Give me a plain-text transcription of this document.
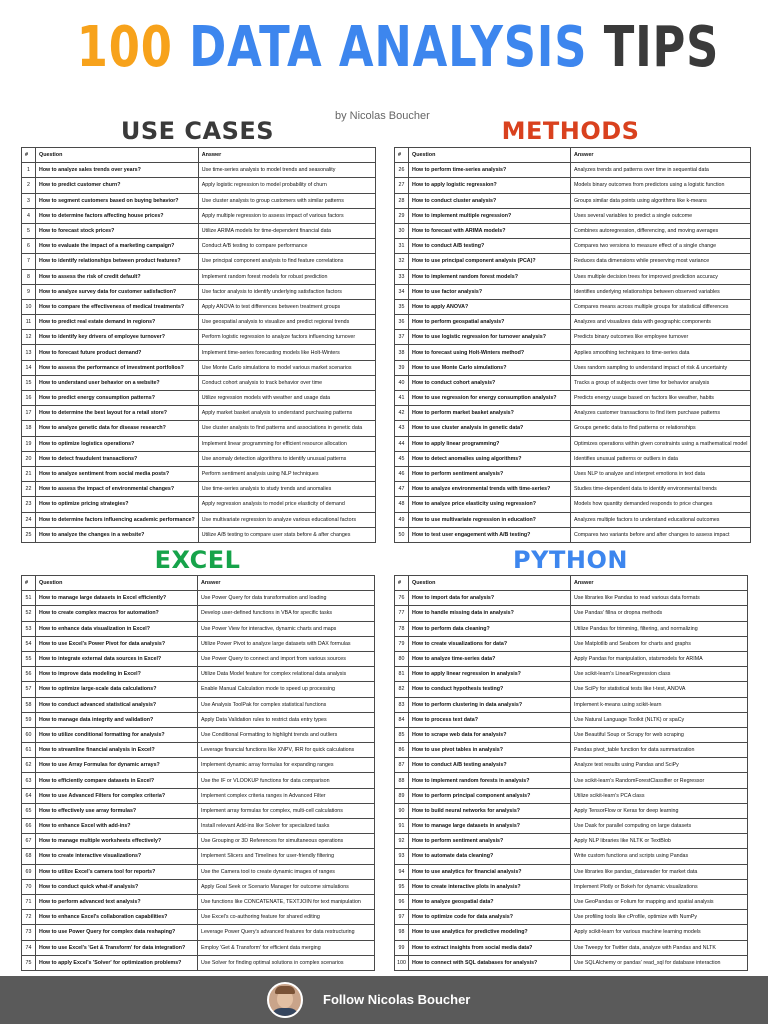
100 DATA ANALYSIS TIPS
by Nicolas Boucher
USE CASES	METHODS
EXCEL	PYTHON
#	Question	Answer
1	How to analyze sales trends over years?	Use time-series analysis to model trends and seasonality
2	How to predict customer churn?	Apply logistic regression to model probability of churn
3	How to segment customers based on buying behavior?	Use cluster analysis to group customers with similar patterns
4	How to determine factors affecting house prices?	Apply multiple regression to assess impact of various factors
5	How to forecast stock prices?	Utilize ARIMA models for time-dependent financial data
6	How to evaluate the impact of a marketing campaign?	Conduct A/B testing to compare performance
7	How to identify relationships between product features?	Use principal component analysis to find feature correlations
8	How to assess the risk of credit default?	Implement random forest models for robust prediction
9	How to analyze survey data for customer satisfaction?	Use factor analysis to identify underlying satisfaction factors
10	How to compare the effectiveness of medical treatments?	Apply ANOVA to test differences between treatment groups
11	How to predict real estate demand in regions?	Use geospatial analysis to visualize and predict regional trends
12	How to identify key drivers of employee turnover?	Perform logistic regression to analyze factors influencing turnover
13	How to forecast future product demand?	Implement time-series forecasting models like Holt-Winters
14	How to assess the performance of investment portfolios?	Use Monte Carlo simulations to model various market scenarios
15	How to understand user behavior on a website?	Conduct cohort analysis to track behavior over time
16	How to predict energy consumption patterns?	Utilize regression models with weather and usage data
17	How to determine the best layout for a retail store?	Apply market basket analysis to understand purchasing patterns
18	How to analyze genetic data for disease research?	Use cluster analysis to find patterns and associations in genetic data
19	How to optimize logistics operations?	Implement linear programming for efficient resource allocation
20	How to detect fraudulent transactions?	Use anomaly detection algorithms to identify unusual patterns
21	How to analyze sentiment from social media posts?	Perform sentiment analysis using NLP techniques
22	How to assess the impact of environmental changes?	Use time-series analysis to study trends and anomalies
23	How to optimize pricing strategies?	Apply regression analysis to model price elasticity of demand
24	How to determine factors influencing academic performance?	Use multivariate regression to analyze various educational factors
25	How to analyze the changes in a website?	Utilize A/B testing to compare user stats before & after changes
#	Question	Answer
26	How to perform time-series analysis?	Analyzes trends and patterns over time in sequential data
27	How to apply logistic regression?	Models binary outcomes from predictors using a logistic function
28	How to conduct cluster analysis?	Groups similar data points using algorithms like k-means
29	How to implement multiple regression?	Uses several variables to predict a single outcome
30	How to forecast with ARIMA models?	Combines autoregression, differencing, and moving averages
31	How to conduct A/B testing?	Compares two versions to measure effect of a single change
32	How to use principal component analysis (PCA)?	Reduces data dimensions while preserving most variance
33	How to implement random forest models?	Uses multiple decision trees for improved prediction accuracy
34	How to use factor analysis?	Identifies underlying relationships between observed variables
35	How to apply ANOVA?	Compares means across multiple groups for statistical differences
36	How to perform geospatial analysis?	Analyzes and visualizes data with geographic components
37	How to use logistic regression for turnover analysis?	Predicts binary outcomes like employee turnover
38	How to forecast using Holt-Winters method?	Applies smoothing techniques to time-series data
39	How to use Monte Carlo simulations?	Uses random sampling to understand impact of risk & uncertainty
40	How to conduct cohort analysis?	Tracks a group of subjects over time for behavior analysis
41	How to use regression for energy consumption analysis?	Predicts energy usage based on factors like weather, habits
42	How to perform market basket analysis?	Analyzes customer transactions to find item purchase patterns
43	How to use cluster analysis in genetic data?	Groups genetic data to find patterns or relationships
44	How to apply linear programming?	Optimizes operations within given constraints using a mathematical model
45	How to detect anomalies using algorithms?	Identifies unusual patterns or outliers in data
46	How to perform sentiment analysis?	Uses NLP to analyze and interpret emotions in text data
47	How to analyze environmental trends with time-series?	Studies time-dependent data to identify environmental trends
48	How to analyze price elasticity using regression?	Models how quantity demanded responds to price changes
49	How to use multivariate regression in education?	Analyzes multiple factors to understand educational outcomes
50	How to test user engagement with A/B testing?	Compares two variants before and after changes to assess impact
#	Question	Answer
51	How to manage large datasets in Excel efficiently?	Use Power Query for data transformation and loading
52	How to create complex macros for automation?	Develop user-defined functions in VBA for specific tasks
53	How to enhance data visualization in Excel?	Use Power View for interactive, dynamic charts and maps
54	How to use Excel's Power Pivot for data analysis?	Utilize Power Pivot to analyze large datasets with DAX formulas
55	How to integrate external data sources in Excel?	Use Power Query to connect and import from various sources
56	How to improve data modeling in Excel?	Utilize Data Model feature for complex relational data analysis
57	How to optimize large-scale data calculations?	Enable Manual Calculation mode to speed up processing
58	How to conduct advanced statistical analysis?	Use Analysis ToolPak for complex statistical functions
59	How to manage data integrity and validation?	Apply Data Validation rules to restrict data entry types
60	How to utilize conditional formatting for analysis?	Use Conditional Formatting to highlight trends and outliers
61	How to streamline financial analysis in Excel?	Leverage financial functions like XNPV, IRR for quick calculations
62	How to use Array Formulas for dynamic arrays?	Implement dynamic array formulas for expanding ranges
63	How to efficiently compare datasets in Excel?	Use the IF or VLOOKUP functions for data comparison
64	How to use Advanced Filters for complex criteria?	Implement complex criteria ranges in Advanced Filter
65	How to effectively use array formulas?	Implement array formulas for complex, multi-cell calculations
66	How to enhance Excel with add-ins?	Install relevant Add-ins like Solver for specialized tasks
67	How to manage multiple worksheets effectively?	Use Grouping or 3D References for simultaneous operations
68	How to create interactive visualizations?	Implement Slicers and Timelines for user-friendly filtering
69	How to utilize Excel's camera tool for reports?	Use the Camera tool to create dynamic images of ranges
70	How to conduct quick what-if analysis?	Apply Goal Seek or Scenario Manager for outcome simulations
71	How to perform advanced text analysis?	Use functions like CONCATENATE, TEXTJOIN for text manipulation
72	How to enhance Excel's collaboration capabilities?	Use Excel's co-authoring feature for shared editing
73	How to use Power Query for complex data reshaping?	Leverage Power Query's advanced features for data restructuring
74	How to use Excel's 'Get & Transform' for data integration?	Employ 'Get & Transform' for efficient data merging
75	How to apply Excel's 'Solver' for optimization problems?	Use Solver for finding optimal solutions in complex scenarios
#	Question	Answer
76	How to import data for analysis?	Use libraries like Pandas to read various data formats
77	How to handle missing data in analysis?	Use Pandas' fillna or dropna methods
78	How to perform data cleaning?	Utilize Pandas for trimming, filtering, and normalizing
79	How to create visualizations for data?	Use Matplotlib and Seaborn for charts and graphs
80	How to analyze time-series data?	Apply Pandas for manipulation, statsmodels for ARIMA
81	How to apply linear regression in analysis?	Use scikit-learn's LinearRegression class
82	How to conduct hypothesis testing?	Use SciPy for statistical tests like t-test, ANOVA
83	How to perform clustering in data analysis?	Implement k-means using scikit-learn
84	How to process text data?	Use Natural Language Toolkit (NLTK) or spaCy
85	How to scrape web data for analysis?	Use Beautiful Soup or Scrapy for web scraping
86	How to use pivot tables in analysis?	Pandas pivot_table function for data summarization
87	How to conduct A/B testing analysis?	Analyze test results using Pandas and SciPy
88	How to implement random forests in analysis?	Use scikit-learn's RandomForestClassifier or Regressor
89	How to perform principal component analysis?	Utilize scikit-learn's PCA class
90	How to build neural networks for analysis?	Apply TensorFlow or Keras for deep learning
91	How to manage large datasets in analysis?	Use Dask for parallel computing on large datasets
92	How to perform sentiment analysis?	Apply NLP libraries like NLTK or TextBlob
93	How to automate data cleaning?	Write custom functions and scripts using Pandas
94	How to use analytics for financial analysis?	Use libraries like pandas_datareader for market data
95	How to create interactive plots in analysis?	Implement Plotly or Bokeh for dynamic visualizations
96	How to analyze geospatial data?	Use GeoPandas or Folium for mapping and spatial analysis
97	How to optimize code for data analysis?	Use profiling tools like cProfile, optimize with NumPy
98	How to use analytics for predictive modeling?	Apply scikit-learn for various machine learning models
99	How to extract insights from social media data?	Use Tweepy for Twitter data, analyze with Pandas and NLTK
100	How to connect with SQL databases for analysis?	Use SQLAlchemy or pandas' read_sql for database interaction
Follow Nicolas Boucher
